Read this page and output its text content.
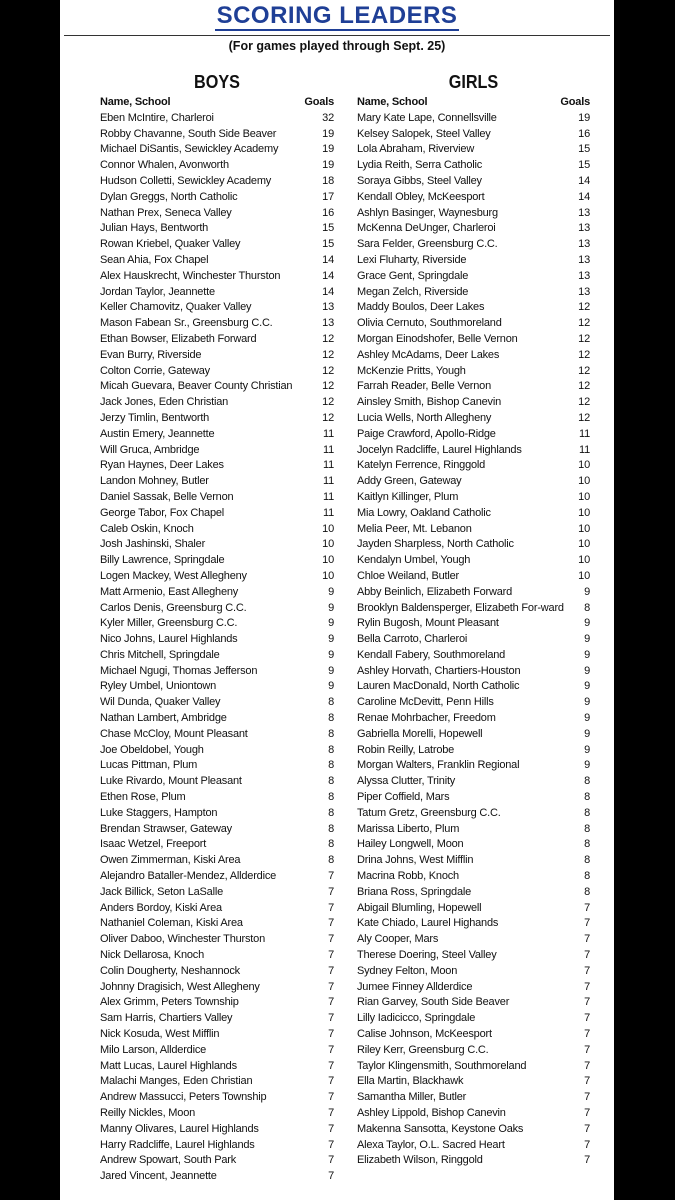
SCORING LEADERS
(For games played through Sept. 25)
BOYS
Name, School	Goals
Eben McIntire, Charleroi	32
Robby Chavanne, South Side Beaver	19
Michael DiSantis, Sewickley Academy	19
Connor Whalen, Avonworth	19
Hudson Colletti, Sewickley Academy	18
Dylan Greggs, North Catholic	17
Nathan Prex, Seneca Valley	16
Julian Hays, Bentworth	15
Rowan Kriebel, Quaker Valley	15
Sean Ahia, Fox Chapel	14
Alex Hauskrecht, Winchester Thurston	14
Jordan Taylor, Jeannette	14
Keller Chamovitz, Quaker Valley	13
Mason Fabean Sr., Greensburg C.C.	13
Ethan Bowser, Elizabeth Forward	12
Evan Burry, Riverside	12
Colton Corrie, Gateway	12
Micah Guevara, Beaver County Christian	12
Jack Jones, Eden Christian	12
Jerzy Timlin, Bentworth	12
Austin Emery, Jeannette	11
Will Gruca, Ambridge	11
Ryan Haynes, Deer Lakes	11
Landon Mohney, Butler	11
Daniel Sassak, Belle Vernon	11
George Tabor, Fox Chapel	11
Caleb Oskin, Knoch	10
Josh Jashinski, Shaler	10
Billy Lawrence, Springdale	10
Logen Mackey, West Allegheny	10
Matt Armenio, East Allegheny	9
Carlos Denis, Greensburg C.C.	9
Kyler Miller, Greensburg C.C.	9
Nico Johns, Laurel Highlands	9
Chris Mitchell, Springdale	9
Michael Ngugi, Thomas Jefferson	9
Ryley Umbel, Uniontown	9
Wil Dunda, Quaker Valley	8
Nathan Lambert, Ambridge	8
Chase McCloy, Mount Pleasant	8
Joe Obeldobel, Yough	8
Lucas Pittman, Plum	8
Luke Rivardo, Mount Pleasant	8
Ethen Rose, Plum	8
Luke Staggers, Hampton	8
Brendan Strawser, Gateway	8
Isaac Wetzel, Freeport	8
Owen Zimmerman, Kiski Area	8
Alejandro Bataller-Mendez, Allderdice	7
Jack Billick, Seton LaSalle	7
Anders Bordoy, Kiski Area	7
Nathaniel Coleman, Kiski Area	7
Oliver Daboo, Winchester Thurston	7
Nick Dellarosa, Knoch	7
Colin Dougherty, Neshannock	7
Johnny Dragisich, West Allegheny	7
Alex Grimm, Peters Township	7
Sam Harris, Chartiers Valley	7
Nick Kosuda, West Mifflin	7
Milo Larson, Allderdice	7
Matt Lucas, Laurel Highlands	7
Malachi Manges, Eden Christian	7
Andrew Massucci, Peters Township	7
Reilly Nickles, Moon	7
Manny Olivares, Laurel Highlands	7
Harry Radcliffe, Laurel Highlands	7
Andrew Spowart, South Park	7
Jared Vincent, Jeannette	7
GIRLS
Name, School	Goals
Mary Kate Lape, Connellsville	19
Kelsey Salopek, Steel Valley	16
Lola Abraham, Riverview	15
Lydia Reith, Serra Catholic	15
Soraya Gibbs, Steel Valley	14
Kendall Obley, McKeesport	14
Ashlyn Basinger, Waynesburg	13
McKenna DeUnger, Charleroi	13
Sara Felder, Greensburg C.C.	13
Lexi Fluharty, Riverside	13
Grace Gent, Springdale	13
Megan Zelch, Riverside	13
Maddy Boulos, Deer Lakes	12
Olivia Cernuto, Southmoreland	12
Morgan Einodshofer, Belle Vernon	12
Ashley McAdams, Deer Lakes	12
McKenzie Pritts, Yough	12
Farrah Reader, Belle Vernon	12
Ainsley Smith, Bishop Canevin	12
Lucia Wells, North Allegheny	12
Paige Crawford, Apollo-Ridge	11
Jocelyn Radcliffe, Laurel Highlands	11
Katelyn Ferrence, Ringgold	10
Addy Green, Gateway	10
Kaitlyn Killinger, Plum	10
Mia Lowry, Oakland Catholic	10
Melia Peer, Mt. Lebanon	10
Jayden Sharpless, North Catholic	10
Kendalyn Umbel, Yough	10
Chloe Weiland, Butler	10
Abby Beinlich, Elizabeth Forward	9
Brooklyn Baldensperger, Elizabeth For-ward	8
Rylin Bugosh, Mount Pleasant	9
Bella Carroto, Charleroi	9
Kendall Fabery, Southmoreland	9
Ashley Horvath, Chartiers-Houston	9
Lauren MacDonald, North Catholic	9
Caroline McDevitt, Penn Hills	9
Renae Mohrbacher, Freedom	9
Gabriella Morelli, Hopewell	9
Robin Reilly, Latrobe	9
Morgan Walters, Franklin Regional	9
Alyssa Clutter, Trinity	8
Piper Coffield, Mars	8
Tatum Gretz, Greensburg C.C.	8
Marissa Liberto, Plum	8
Hailey Longwell, Moon	8
Drina Johns, West Mifflin	8
Macrina Robb, Knoch	8
Briana Ross, Springdale	8
Abigail Blumling, Hopewell	7
Kate Chiado, Laurel Highands	7
Aly Cooper, Mars	7
Therese Doering, Steel Valley	7
Sydney Felton, Moon	7
Jumee Finney Allderdice	7
Rian Garvey, South Side Beaver	7
Lilly Iadicicco, Springdale	7
Calise Johnson, McKeesport	7
Riley Kerr, Greensburg C.C.	7
Taylor Klingensmith, Southmoreland	7
Ella Martin, Blackhawk	7
Samantha Miller, Butler	7
Ashley Lippold, Bishop Canevin	7
Makenna Sansotta, Keystone Oaks	7
Alexa Taylor, O.L. Sacred Heart	7
Elizabeth Wilson, Ringgold	7
